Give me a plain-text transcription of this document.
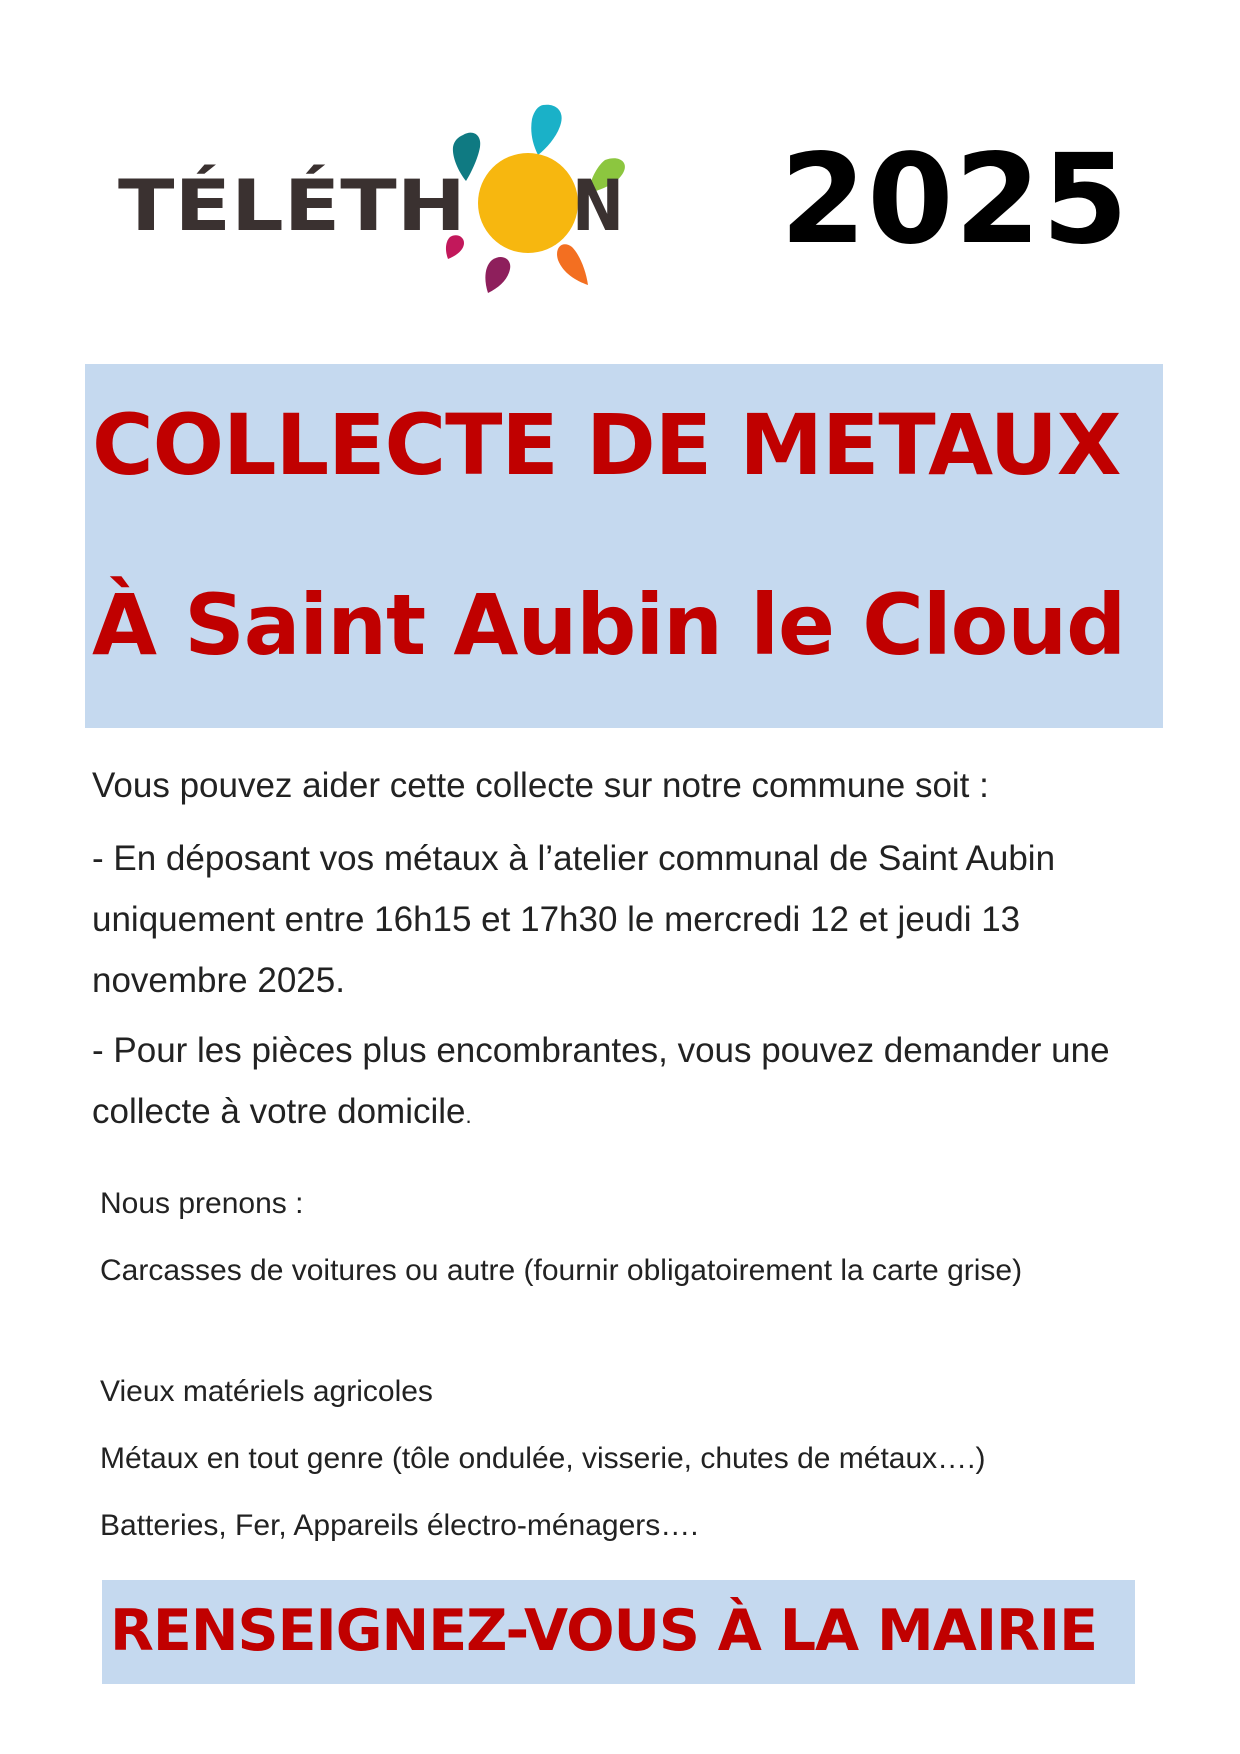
TÉLÉTH N 2025
COLLECTE DE METAUX
À Saint Aubin le Cloud
Vous pouvez aider cette collecte sur notre commune soit :
- En déposant vos métaux à l’atelier communal de Saint Aubin uniquement entre 16h15 et 17h30 le mercredi 12 et jeudi 13 novembre 2025.
- Pour les pièces plus encombrantes, vous pouvez demander une collecte à votre domicile.
Nous prenons :
Carcasses de voitures ou autre (fournir obligatoirement la carte grise)
Vieux matériels agricoles
Métaux en tout genre (tôle ondulée, visserie, chutes de métaux….)
Batteries, Fer, Appareils électro-ménagers….
RENSEIGNEZ-VOUS À LA MAIRIE
